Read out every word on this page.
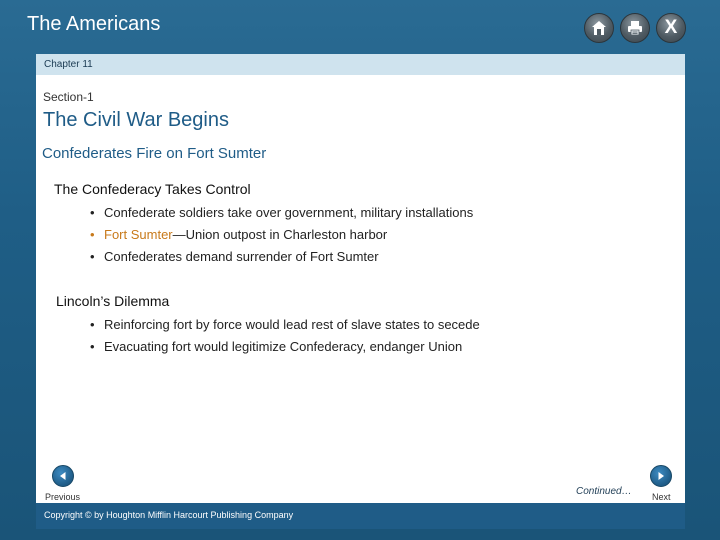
The Americans	X
Chapter 11
Section-1
The Civil War Begins
Confederates Fire on Fort Sumter
The Confederacy Takes Control
• Confederate soldiers take over government, military installations
• Fort Sumter—Union outpost in Charleston harbor
• Confederates demand surrender of Fort Sumter
Lincoln’s Dilemma
• Reinforcing fort by force would lead rest of slave states to secede
• Evacuating fort would legitimize Confederacy, endanger Union
Previous	Continued… Next
Copyright © by Houghton Mifflin Harcourt Publishing Company
